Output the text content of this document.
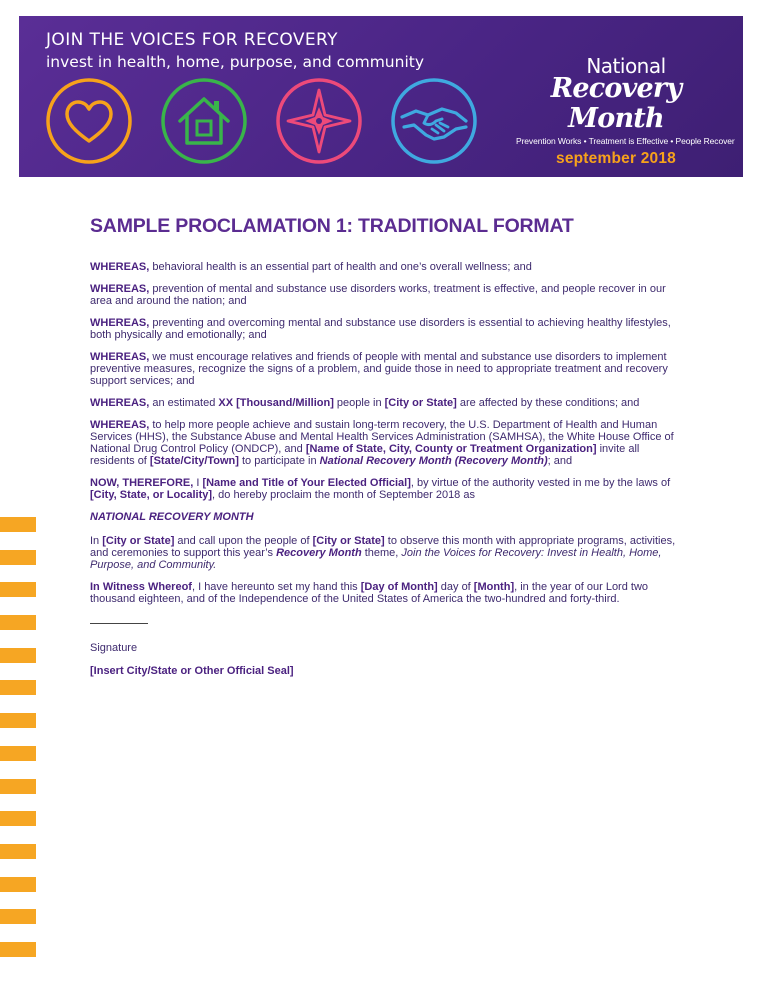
JOIN THE VOICES FOR RECOVERY

invest in health, home, purpose, and community	National
Recovery Month
Prevention Works • Treatment is Effective • People Recover
september 2018
SAMPLE PROCLAMATION 1: TRADITIONAL FORMAT

WHEREAS, behavioral health is an essential part of health and one’s overall wellness; and

WHEREAS, prevention of mental and substance use disorders works, treatment is effective, and people recover in our area and around the nation; and

WHEREAS, preventing and overcoming mental and substance use disorders is essential to achieving healthy lifestyles, both physically and emotionally; and

WHEREAS, we must encourage relatives and friends of people with mental and substance use disorders to implement preventive measures, recognize the signs of a problem, and guide those in need to appropriate treatment and recovery support services; and

WHEREAS, an estimated XX [Thousand/Million] people in [City or State] are affected by these conditions; and

WHEREAS, to help more people achieve and sustain long-term recovery, the U.S. Department of Health and Human Services (HHS), the Substance Abuse and Mental Health Services Administration (SAMHSA), the White House Office of National Drug Control Policy (ONDCP), and [Name of State, City, County or Treatment Organization] invite all residents of [State/City/Town] to participate in National Recovery Month (Recovery Month); and

NOW, THEREFORE, I [Name and Title of Your Elected Official], by virtue of the authority vested in me by the laws of [City, State, or Locality], do hereby proclaim the month of September 2018 as

NATIONAL RECOVERY MONTH

In [City or State] and call upon the people of [City or State] to observe this month with appropriate programs, activities, and ceremonies to support this year’s Recovery Month theme, Join the Voices for Recovery: Invest in Health, Home, Purpose, and Community.

In Witness Whereof, I have hereunto set my hand this [Day of Month] day of [Month], in the year of our Lord two thousand eighteen, and of the Independence of the United States of America the two-hundred and forty-third.

Signature

[Insert City/State or Other Official Seal]
